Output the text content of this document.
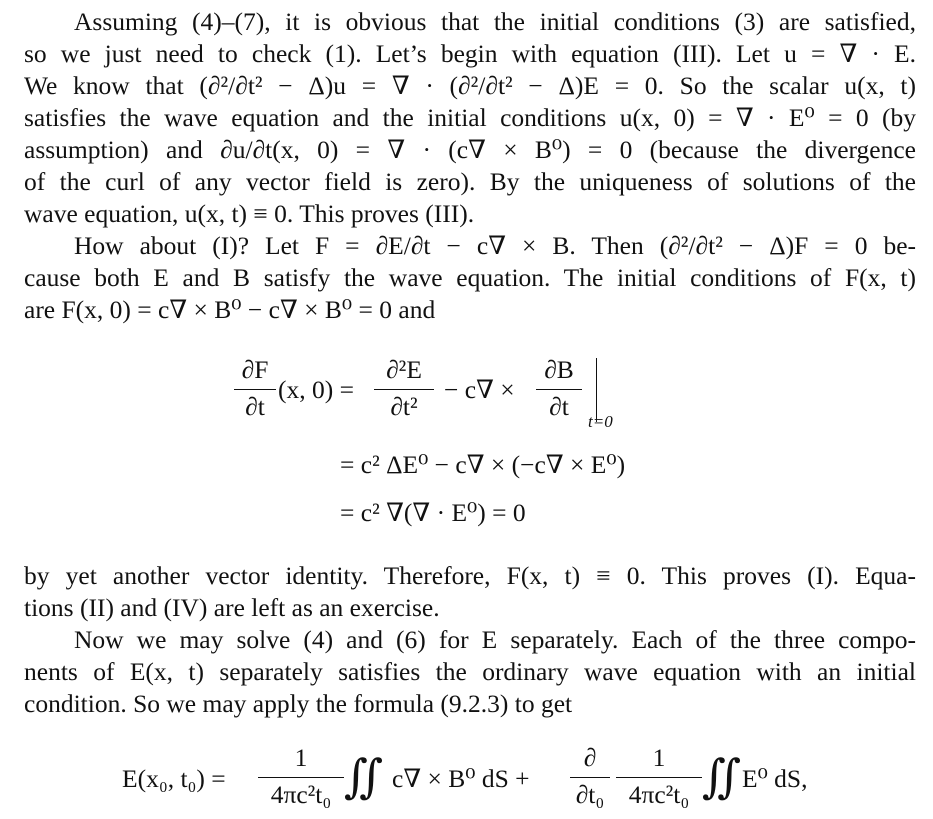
Assuming (4)–(7), it is obvious that the initial conditions (3) are satisfied,
so we just need to check (1). Let’s begin with equation (III). Let u = ∇ · E.
We know that (∂²/∂t² − Δ)u = ∇ · (∂²/∂t² − Δ)E = 0. So the scalar u(x, t)
satisfies the wave equation and the initial conditions u(x, 0) = ∇ · E⁰ = 0 (by
assumption) and ∂u/∂t(x, 0) = ∇ · (c∇ × B⁰) = 0 (because the divergence
of the curl of any vector field is zero). By the uniqueness of solutions of the
wave equation, u(x, t) ≡ 0. This proves (III).
How about (I)? Let F = ∂E/∂t − c∇ × B. Then (∂²/∂t² − Δ)F = 0 be-
cause both E and B satisfy the wave equation. The initial conditions of F(x, t)
are F(x, 0) = c∇ × B⁰ − c∇ × B⁰ = 0 and
∂F
∂t
(x, 0) =
∂²E
∂t²
− c∇ ×
∂B
∂t
t=0
= c² ΔE⁰ − c∇ × (−c∇ × E⁰)
= c² ∇(∇ · E⁰) = 0
by yet another vector identity. Therefore, F(x, t) ≡ 0. This proves (I). Equa-
tions (II) and (IV) are left as an exercise.
Now we may solve (4) and (6) for E separately. Each of the three compo-
nents of E(x, t) separately satisfies the ordinary wave equation with an initial
condition. So we may apply the formula (9.2.3) to get
E(x₀, t₀) =
1
4πc²t₀ ∬ c∇ × B⁰ dS +
∂
∂t₀
1
4πc²t₀ ∬ E⁰ dS,
